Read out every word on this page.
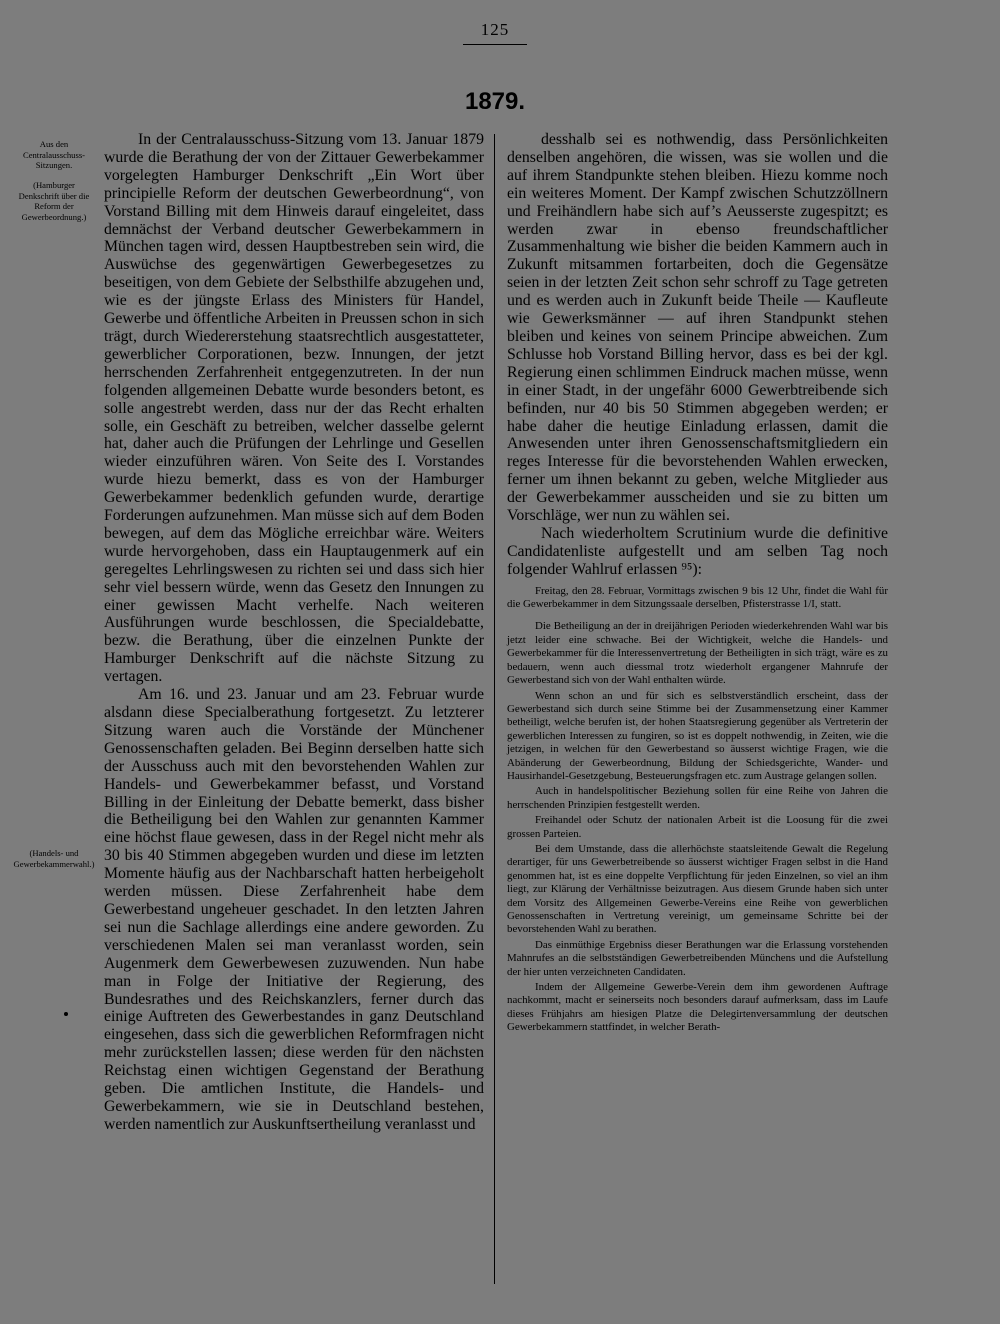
125
1879.
Aus den Centralausschuss-Sitzungen.
(Hamburger Denkschrift über die Reform der Gewerbeordnung.)
(Handels- und Gewerbekammerwahl.)

In der Centralausschuss-Sitzung vom 13. Januar 1879 wurde die Berathung der von der Zittauer Gewerbekammer vorgelegten Hamburger Denkschrift „Ein Wort über principielle Reform der deutschen Gewerbeordnung“, von Vorstand Billing mit dem Hinweis darauf eingeleitet, dass demnächst der Verband deutscher Gewerbekammern in München tagen wird, dessen Hauptbestreben sein wird, die Auswüchse des gegenwärtigen Gewerbegesetzes zu beseitigen, von dem Gebiete der Selbsthilfe abzugehen und, wie es der jüngste Erlass des Ministers für Handel, Gewerbe und öffentliche Arbeiten in Preussen schon in sich trägt, durch Wiedererstehung staatsrechtlich ausgestatteter, gewerblicher Corporationen, bezw. Innungen, der jetzt herrschenden Zerfahrenheit entgegenzutreten. In der nun folgenden allgemeinen Debatte wurde besonders betont, es solle angestrebt werden, dass nur der das Recht erhalten solle, ein Geschäft zu betreiben, welcher dasselbe gelernt hat, daher auch die Prüfungen der Lehrlinge und Gesellen wieder einzuführen wären. Von Seite des I. Vorstandes wurde hiezu bemerkt, dass es von der Hamburger Gewerbekammer bedenklich gefunden wurde, derartige Forderungen aufzunehmen. Man müsse sich auf dem Boden bewegen, auf dem das Mögliche erreichbar wäre. Weiters wurde hervorgehoben, dass ein Hauptaugenmerk auf ein geregeltes Lehrlingswesen zu richten sei und dass sich hier sehr viel bessern würde, wenn das Gesetz den Innungen zu einer gewissen Macht verhelfe. Nach weiteren Ausführungen wurde beschlossen, die Specialdebatte, bezw. die Berathung, über die einzelnen Punkte der Hamburger Denkschrift auf die nächste Sitzung zu vertagen.

Am 16. und 23. Januar und am 23. Februar wurde alsdann diese Specialberathung fortgesetzt. Zu letzterer Sitzung waren auch die Vorstände der Münchener Genossenschaften geladen. Bei Beginn derselben hatte sich der Ausschuss auch mit den bevorstehenden Wahlen zur Handels- und Gewerbekammer befasst, und Vorstand Billing in der Einleitung der Debatte bemerkt, dass bisher die Betheiligung bei den Wahlen zur genannten Kammer eine höchst flaue gewesen, dass in der Regel nicht mehr als 30 bis 40 Stimmen abgegeben wurden und diese im letzten Momente häufig aus der Nachbarschaft hatten herbeigeholt werden müssen. Diese Zerfahrenheit habe dem Gewerbestand ungeheuer geschadet. In den letzten Jahren sei nun die Sachlage allerdings eine andere geworden. Zu verschiedenen Malen sei man veranlasst worden, sein Augenmerk dem Gewerbewesen zuzuwenden. Nun habe man in Folge der Initiative der Regierung, des Bundesrathes und des Reichskanzlers, ferner durch das einige Auftreten des Gewerbestandes in ganz Deutschland eingesehen, dass sich die gewerblichen Reformfragen nicht mehr zurückstellen lassen; diese werden für den nächsten Reichstag einen wichtigen Gegenstand der Berathung geben. Die amtlichen Institute, die Handels- und Gewerbekammern, wie sie in Deutschland bestehen, werden namentlich zur Auskunftsertheilung veranlasst und

desshalb sei es nothwendig, dass Persönlichkeiten denselben angehören, die wissen, was sie wollen und die auf ihrem Standpunkte stehen bleiben. Hiezu komme noch ein weiteres Moment. Der Kampf zwischen Schutzzöllnern und Freihändlern habe sich auf’s Aeusserste zugespitzt; es werden zwar in ebenso freundschaftlicher Zusammenhaltung wie bisher die beiden Kammern auch in Zukunft mitsammen fortarbeiten, doch die Gegensätze seien in der letzten Zeit schon sehr schroff zu Tage getreten und es werden auch in Zukunft beide Theile — Kaufleute wie Gewerksmänner — auf ihren Standpunkt stehen bleiben und keines von seinem Principe abweichen. Zum Schlusse hob Vorstand Billing hervor, dass es bei der kgl. Regierung einen schlimmen Eindruck machen müsse, wenn in einer Stadt, in der ungefähr 6000 Gewerbtreibende sich befinden, nur 40 bis 50 Stimmen abgegeben werden; er habe daher die heutige Einladung erlassen, damit die Anwesenden unter ihren Genossenschaftsmitgliedern ein reges Interesse für die bevorstehenden Wahlen erwecken, ferner um ihnen bekannt zu geben, welche Mitglieder aus der Gewerbekammer ausscheiden und sie zu bitten um Vorschläge, wer nun zu wählen sei.

Nach wiederholtem Scrutinium wurde die definitive Candidatenliste aufgestellt und am selben Tag noch folgender Wahlruf erlassen ⁹⁵):

Freitag, den 28. Februar, Vormittags zwischen 9 bis 12 Uhr, findet die Wahl für die Gewerbekammer in dem Sitzungssaale derselben, Pfisterstrasse 1/I, statt.

Die Betheiligung an der in dreijährigen Perioden wiederkehrenden Wahl war bis jetzt leider eine schwache. Bei der Wichtigkeit, welche die Handels- und Gewerbekammer für die Interessenvertretung der Betheiligten in sich trägt, wäre es zu bedauern, wenn auch diessmal trotz wiederholt ergangener Mahnrufe der Gewerbestand sich von der Wahl enthalten würde.

Wenn schon an und für sich es selbstverständlich erscheint, dass der Gewerbestand sich durch seine Stimme bei der Zusammensetzung einer Kammer betheiligt, welche berufen ist, der hohen Staatsregierung gegenüber als Vertreterin der gewerblichen Interessen zu fungiren, so ist es doppelt nothwendig, in Zeiten, wie die jetzigen, in welchen für den Gewerbestand so äusserst wichtige Fragen, wie die Abänderung der Gewerbeordnung, Bildung der Schiedsgerichte, Wander- und Hausirhandel-Gesetzgebung, Besteuerungsfragen etc. zum Austrage gelangen sollen.

Auch in handelspolitischer Beziehung sollen für eine Reihe von Jahren die herrschenden Prinzipien festgestellt werden.

Freihandel oder Schutz der nationalen Arbeit ist die Loosung für die zwei grossen Parteien.

Bei dem Umstande, dass die allerhöchste staatsleitende Gewalt die Regelung derartiger, für uns Gewerbetreibende so äusserst wichtiger Fragen selbst in die Hand genommen hat, ist es eine doppelte Verpflichtung für jeden Einzelnen, so viel an ihm liegt, zur Klärung der Verhältnisse beizutragen. Aus diesem Grunde haben sich unter dem Vorsitz des Allgemeinen Gewerbe-Vereins eine Reihe von gewerblichen Genossenschaften in Vertretung vereinigt, um gemeinsame Schritte bei der bevorstehenden Wahl zu berathen.

Das einmüthige Ergebniss dieser Berathungen war die Erlassung vorstehenden Mahnrufes an die selbstständigen Gewerbetreibenden Münchens und die Aufstellung der hier unten verzeichneten Candidaten.

Indem der Allgemeine Gewerbe-Verein dem ihm gewordenen Auftrage nachkommt, macht er seinerseits noch besonders darauf aufmerksam, dass im Laufe dieses Frühjahrs am hiesigen Platze die Delegirtenversammlung der deutschen Gewerbekammern stattfindet, in welcher Berath-
